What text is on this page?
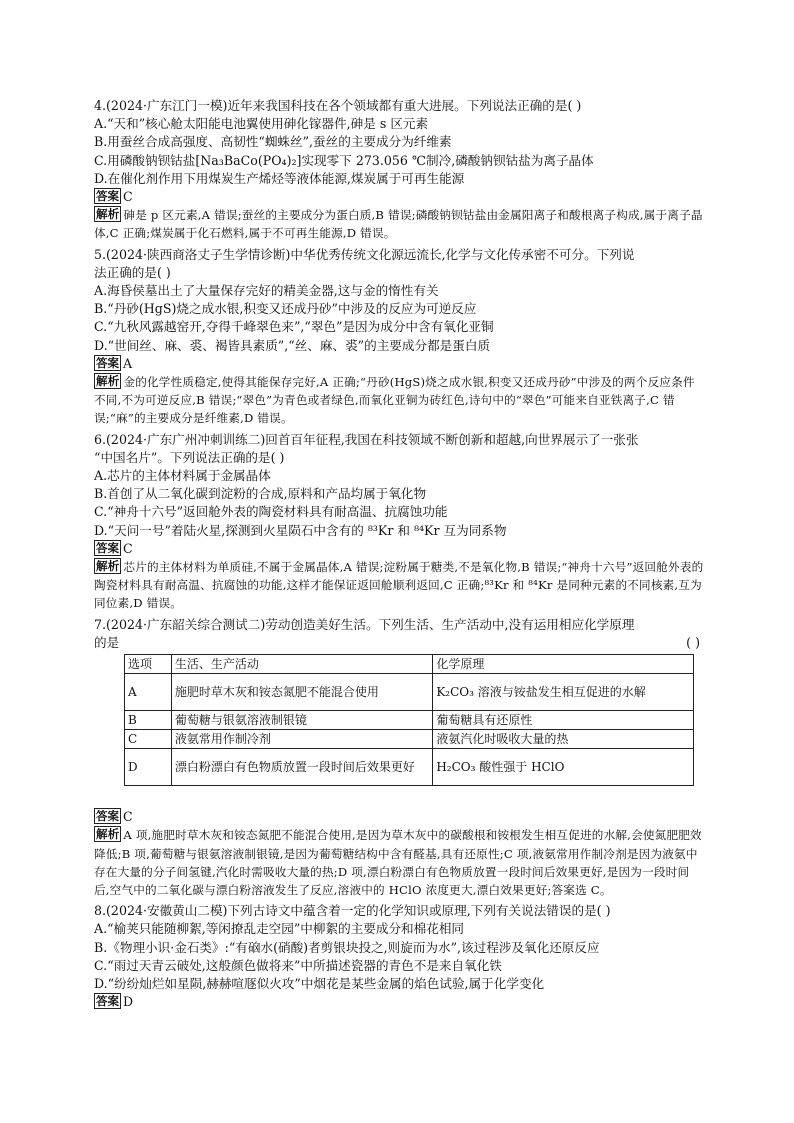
4.(2024·广东江门一模)近年来我国科技在各个领域都有重大进展。下列说法正确的是( )
A.“天和”核心舱太阳能电池翼使用砷化镓器件,砷是 s 区元素
B.用蚕丝合成高强度、高韧性“蜘蛛丝”,蚕丝的主要成分为纤维素
C.用磷酸钠钡钴盐[Na₃BaCo(PO₄)₂]实现零下 273.056 ℃制冷,磷酸钠钡钴盐为离子晶体
D.在催化剂作用下用煤炭生产烯烃等液体能源,煤炭属于可再生能源
答案 C
解析 砷是 p 区元素,A 错误;蚕丝的主要成分为蛋白质,B 错误;磷酸钠钡钴盐由金属阳离子和酸根离子构成,属于离子晶体,C 正确;煤炭属于化石燃料,属于不可再生能源,D 错误。
5.(2024·陕西商洛丈子生学情诊断)中华优秀传统文化源远流长,化学与文化传承密不可分。下列说
法正确的是( )
A.海昏侯墓出土了大量保存完好的精美金器,这与金的惰性有关
B.“丹砂(HgS)烧之成水银,积变又还成丹砂”中涉及的反应为可逆反应
C.“九秋风露越窑开,夺得千峰翠色来”,“翠色”是因为成分中含有氧化亚铜
D.“世间丝、麻、裘、褐皆具素质”,“丝、麻、裘”的主要成分都是蛋白质
答案 A
解析 金的化学性质稳定,使得其能保存完好,A 正确;“丹砂(HgS)烧之成水银,积变又还成丹砂”中涉及的两个反应条件不同,不为可逆反应,B 错误;“翠色”为青色或者绿色,而氧化亚铜为砖红色,诗句中的“翠色”可能来自亚铁离子,C 错误;“麻”的主要成分是纤维素,D 错误。
6.(2024·广东广州冲刺训练二)回首百年征程,我国在科技领域不断创新和超越,向世界展示了一张张
“中国名片”。下列说法正确的是( )
A.芯片的主体材料属于金属晶体
B.首创了从二氧化碳到淀粉的合成,原料和产品均属于氧化物
C.“神舟十六号”返回舱外表的陶瓷材料具有耐高温、抗腐蚀功能
D.“天问一号”着陆火星,探测到火星陨石中含有的 ⁸³Kr 和 ⁸⁴Kr 互为同系物
答案 C
解析 芯片的主体材料为单质硅,不属于金属晶体,A 错误;淀粉属于糖类,不是氧化物,B 错误;“神舟十六号”返回舱外表的陶瓷材料具有耐高温、抗腐蚀的功能,这样才能保证返回舱顺利返回,C 正确;⁸³Kr 和 ⁸⁴Kr 是同种元素的不同核素,互为同位素,D 错误。
7.(2024·广东韶关综合测试二)劳动创造美好生活。下列生活、生产活动中,没有运用相应化学原理
的是	( )
选项	生活、生产活动	化学原理
A	施肥时草木灰和铵态氮肥不能混合使用	K₂CO₃ 溶液与铵盐发生相互促进的水解
B	葡萄糖与银氨溶液制银镜	葡萄糖具有还原性
C	液氨常用作制冷剂	液氨汽化时吸收大量的热
D	漂白粉漂白有色物质放置一段时间后效果更好	H₂CO₃ 酸性强于 HClO
答案 C
解析 A 项,施肥时草木灰和铵态氮肥不能混合使用,是因为草木灰中的碳酸根和铵根发生相互促进的水解,会使氮肥肥效降低;B 项,葡萄糖与银氨溶液制银镜,是因为葡萄糖结构中含有醛基,具有还原性;C 项,液氨常用作制冷剂是因为液氨中存在大量的分子间氢键,汽化时需吸收大量的热;D 项,漂白粉漂白有色物质放置一段时间后效果更好,是因为一段时间后,空气中的二氧化碳与漂白粉溶液发生了反应,溶液中的 HClO 浓度更大,漂白效果更好;答案选 C。
8.(2024·安徽黄山二模)下列古诗文中蕴含着一定的化学知识或原理,下列有关说法错误的是( )
A.“榆荚只能随柳絮,等闲撩乱走空园”中柳絮的主要成分和棉花相同
B.《物理小识·金石类》:“有硇水(硝酸)者剪银块投之,则旋而为水”,该过程涉及氧化还原反应
C.“雨过天青云破处,这般颜色做将来”中所描述瓷器的青色不是来自氧化铁
D.“纷纷灿烂如星陨,赫赫喧豗似火攻”中烟花是某些金属的焰色试验,属于化学变化
答案 D
